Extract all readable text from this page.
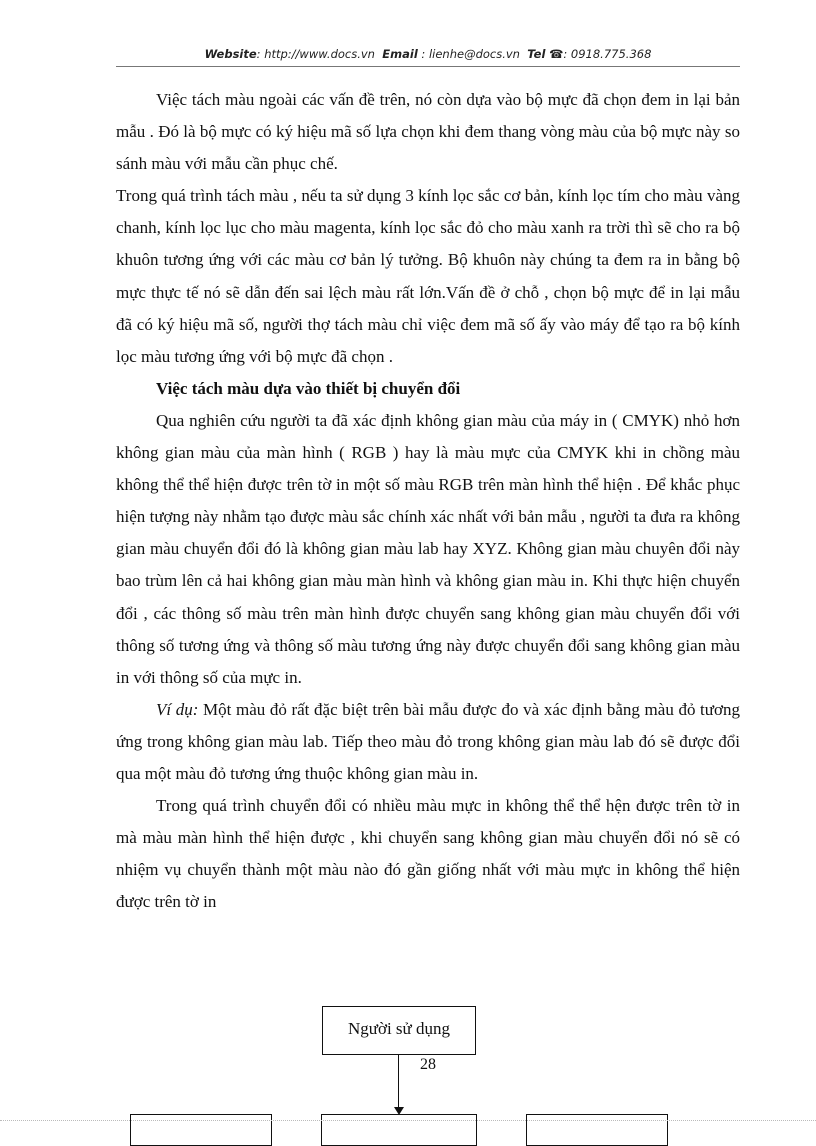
Website: http://www.docs.vn Email : lienhe@docs.vn Tel ☎: 0918.775.368

Việc tách màu ngoài các vấn đề trên, nó còn dựa vào bộ mực đã chọn đem in lại bản mẫu . Đó là bộ mực có ký hiệu mã số lựa chọn khi đem thang vòng màu của bộ mực này so sánh màu với mẫu cần phục chế.

Trong quá trình tách màu , nếu ta sử dụng 3 kính lọc sắc cơ bản, kính lọc tím cho màu vàng chanh, kính lọc lục cho màu magenta, kính lọc sắc đỏ cho màu xanh ra trời thì sẽ cho ra bộ khuôn tương ứng với các màu cơ bản lý tưởng. Bộ khuôn này chúng ta đem ra in bằng bộ mực thực tế nó sẽ dẫn đến sai lệch màu rất lớn.Vấn đề ở chỗ , chọn bộ mực để in lại mẫu đã có ký hiệu mã số, người thợ tách màu chỉ việc đem mã số ấy vào máy để tạo ra bộ kính lọc màu tương ứng với bộ mực đã chọn .

Việc tách màu dựa vào thiết bị chuyển đổi

Qua nghiên cứu người ta đã xác định không gian màu của máy in ( CMYK) nhỏ hơn không gian màu của màn hình ( RGB ) hay là màu mực của CMYK khi in chồng màu không thể thể hiện được trên tờ in một số màu RGB trên màn hình thể hiện . Để khắc phục hiện tượng này nhằm tạo được màu sắc chính xác nhất với bản mẫu , người ta đưa ra không gian màu chuyển đổi đó là không gian màu lab hay XYZ. Không gian màu chuyên đổi này bao trùm lên cả hai không gian màu màn hình và không gian màu in. Khi thực hiện chuyển đổi , các thông số màu trên màn hình được chuyển sang không gian màu chuyển đổi với thông số tương ứng và thông số màu tương ứng này được chuyển đổi sang không gian màu in với thông số của mực in.

Ví dụ: Một màu đỏ rất đặc biệt trên bài mẫu được đo và xác định bằng màu đỏ tương ứng trong không gian màu lab. Tiếp theo màu đỏ trong không gian màu lab đó sẽ được đổi qua một màu đỏ tương ứng thuộc không gian màu in.

Trong quá trình chuyển đổi có nhiều màu mực in không thể thể hện được trên tờ in mà màu màn hình thể hiện được , khi chuyển sang không gian màu chuyển đổi nó sẽ có nhiệm vụ chuyển thành một màu nào đó gần giống nhất với màu mực in không thể hiện được trên tờ in

Người sử dụng
28
